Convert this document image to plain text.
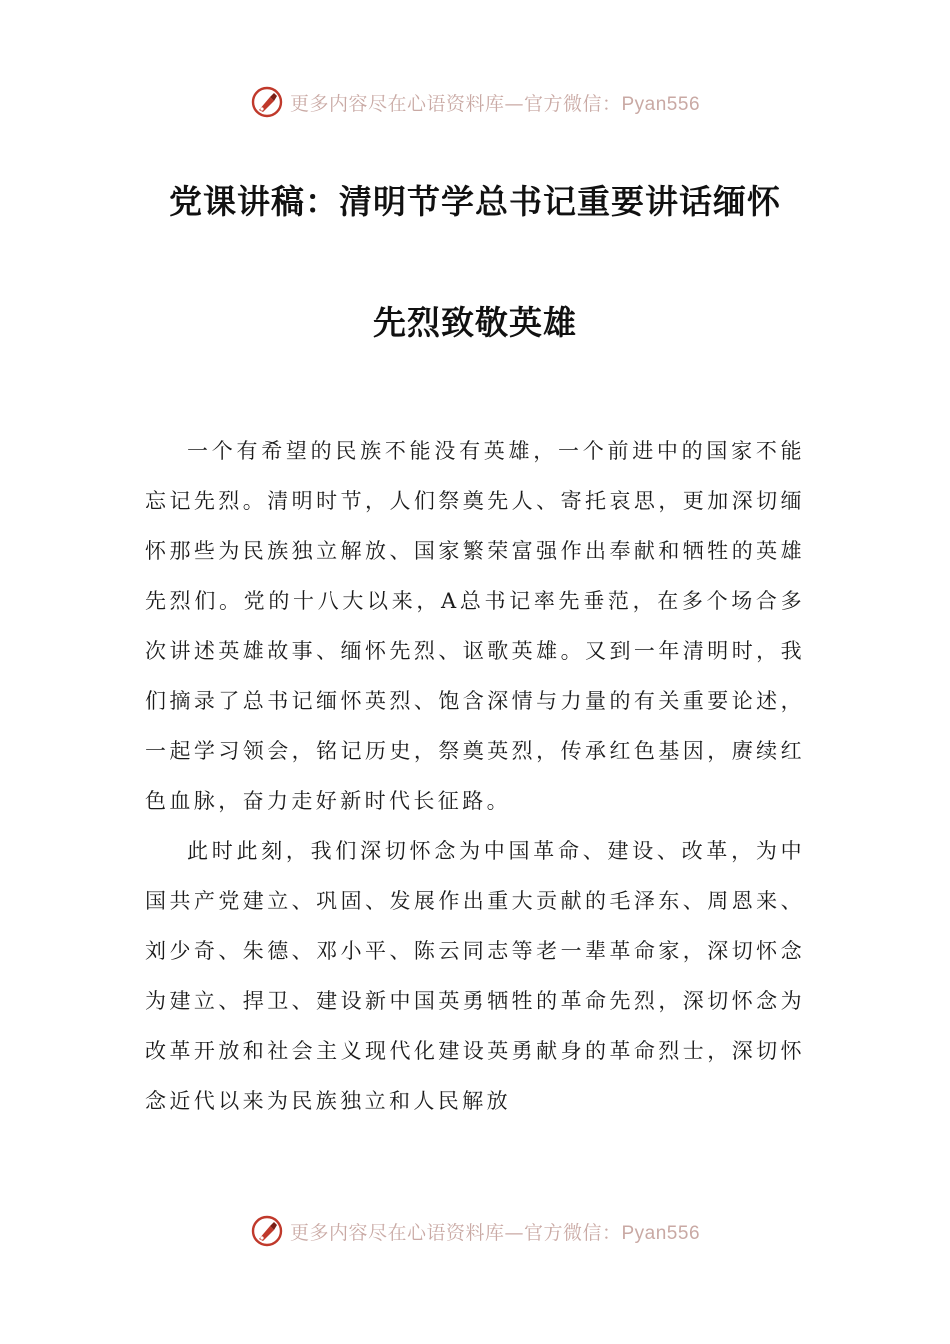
更多内容尽在心语资料库—官方微信：Pyan556
党课讲稿：清明节学总书记重要讲话缅怀
先烈致敬英雄

一个有希望的民族不能没有英雄，一个前进中的国家不能忘记先烈。清明时节，人们祭奠先人、寄托哀思，更加深切缅怀那些为民族独立解放、国家繁荣富强作出奉献和牺牲的英雄先烈们。党的十八大以来，A总书记率先垂范，在多个场合多次讲述英雄故事、缅怀先烈、讴歌英雄。又到一年清明时，我们摘录了总书记缅怀英烈、饱含深情与力量的有关重要论述，一起学习领会，铭记历史，祭奠英烈，传承红色基因，赓续红色血脉，奋力走好新时代长征路。

此时此刻，我们深切怀念为中国革命、建设、改革，为中国共产党建立、巩固、发展作出重大贡献的毛泽东、周恩来、刘少奇、朱德、邓小平、陈云同志等老一辈革命家，深切怀念为建立、捍卫、建设新中国英勇牺牲的革命先烈，深切怀念为改革开放和社会主义现代化建设英勇献身的革命烈士，深切怀念近代以来为民族独立和人民解放

更多内容尽在心语资料库—官方微信：Pyan556
